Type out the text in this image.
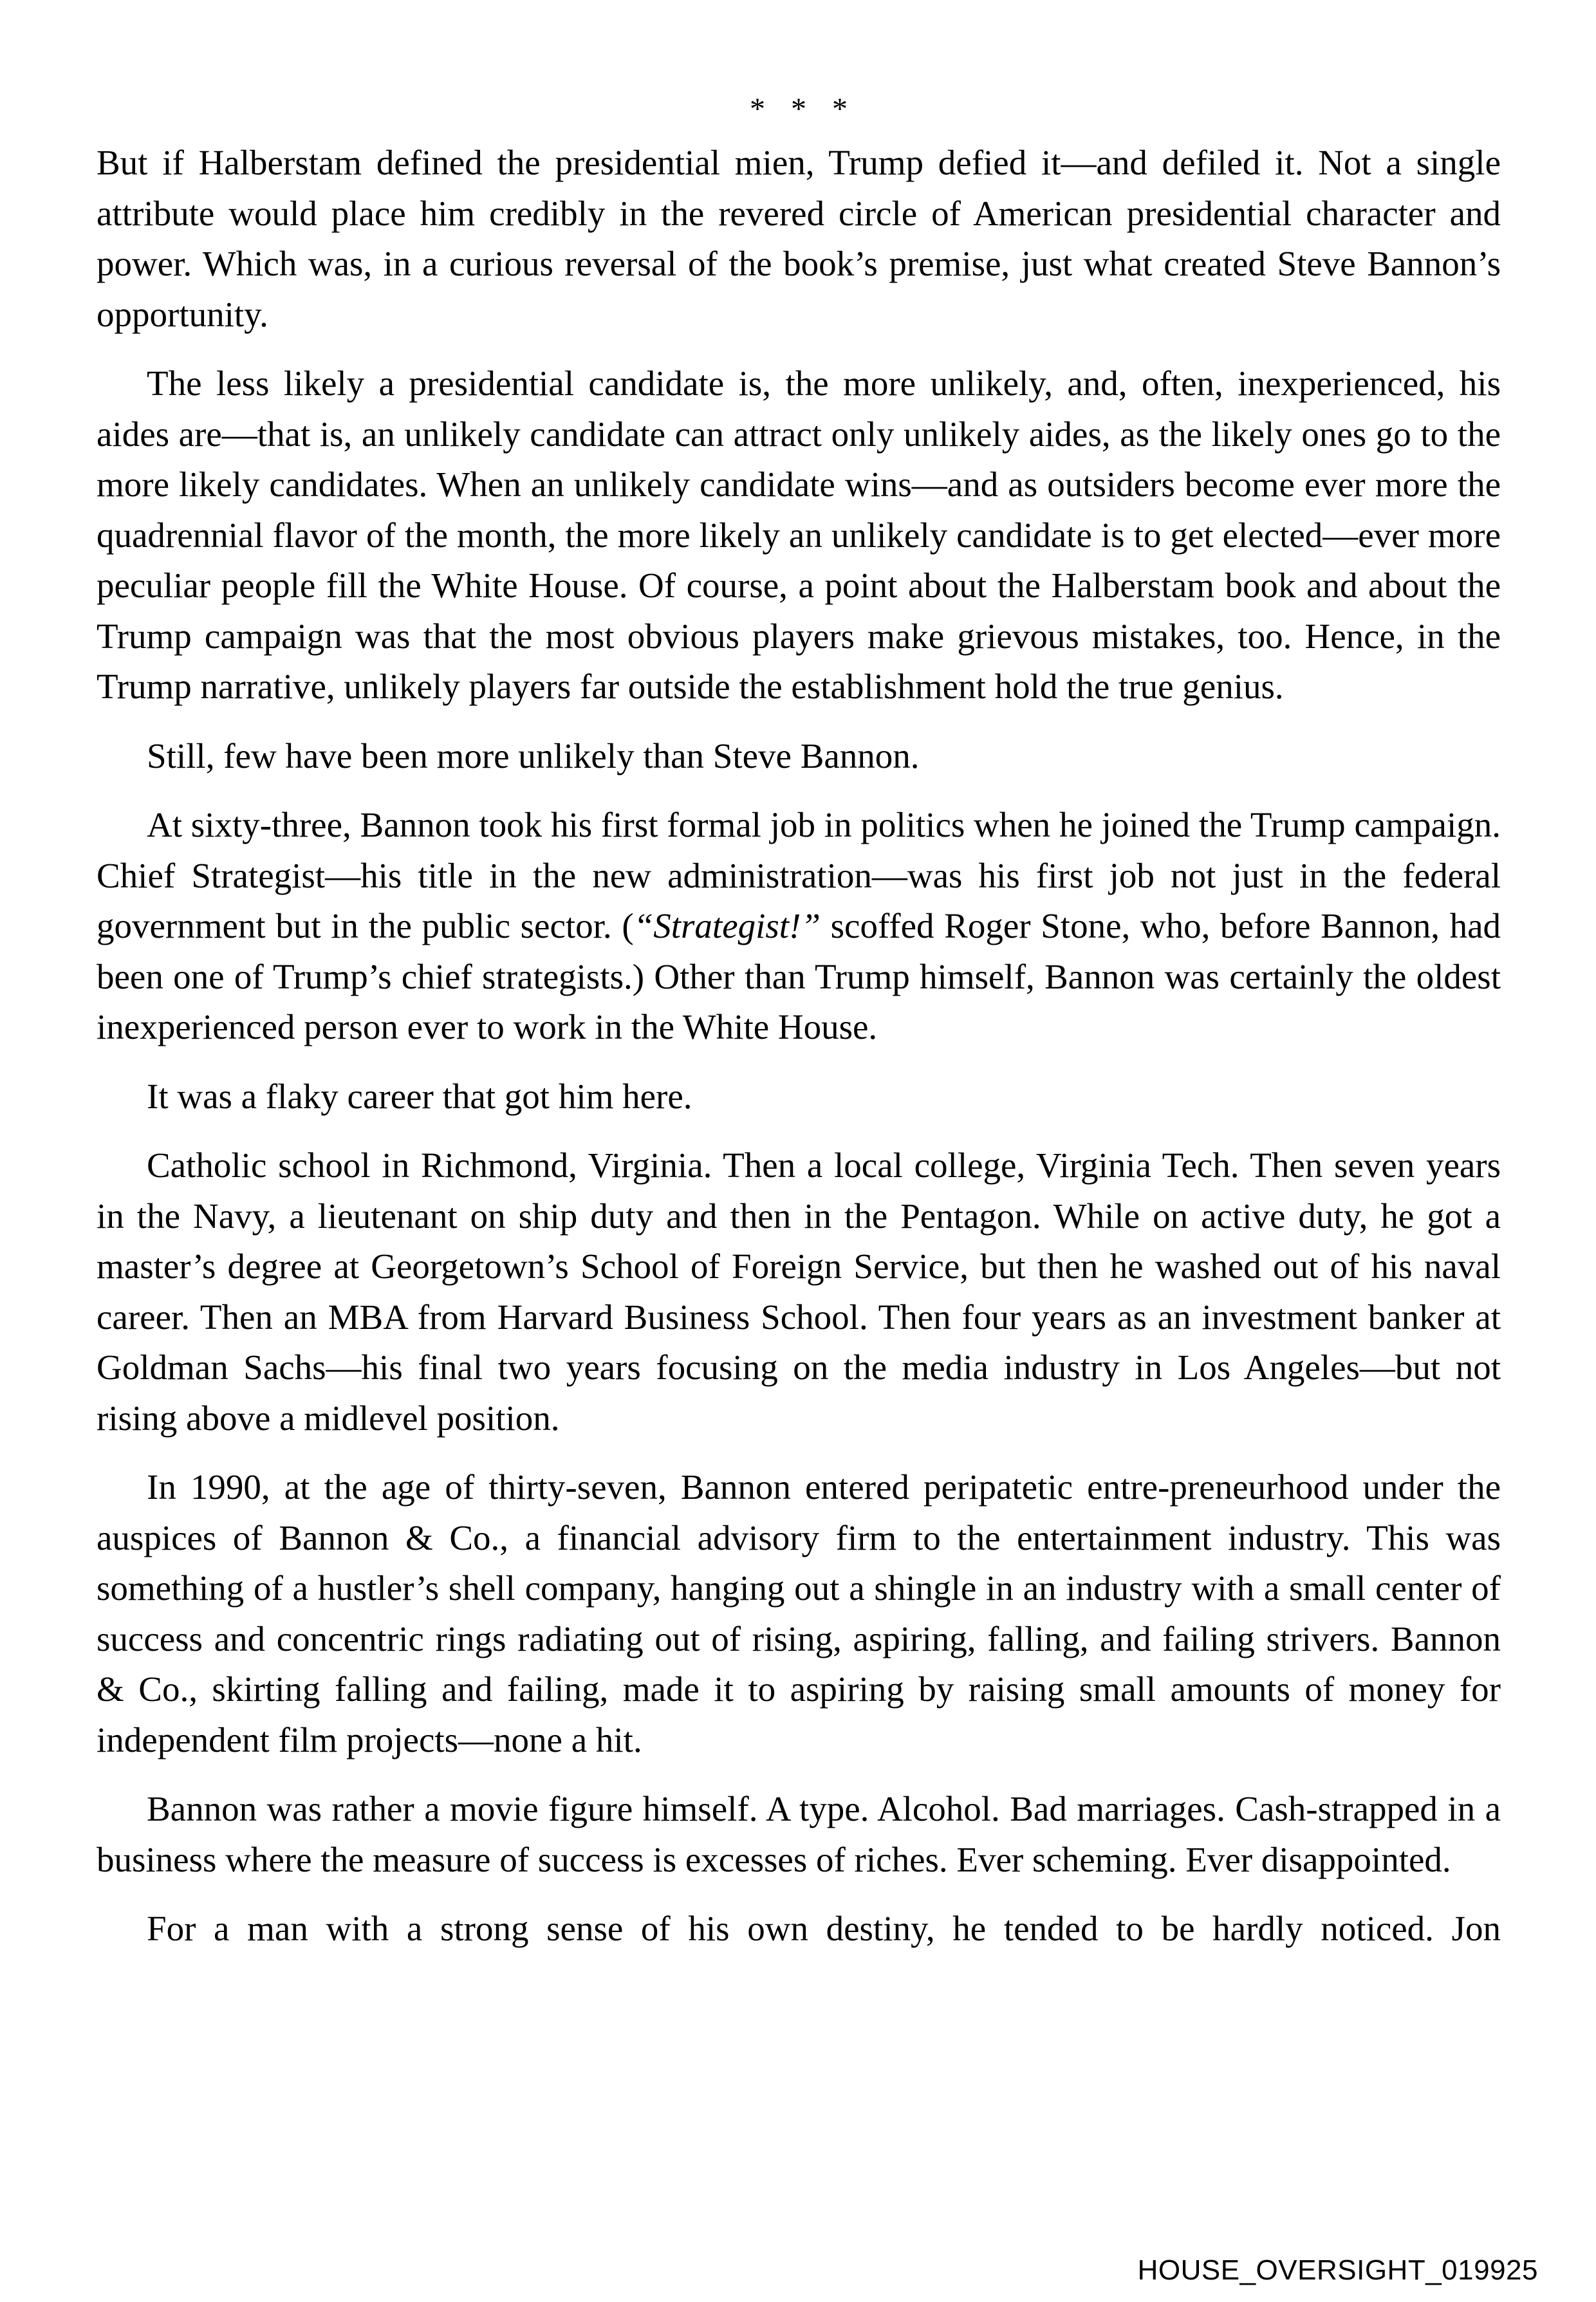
* * *

But if Halberstam defined the presidential mien, Trump defied it—and defiled it. Not a single attribute would place him credibly in the revered circle of American presidential character and power. Which was, in a curious reversal of the book’s premise, just what created Steve Bannon’s opportunity.

The less likely a presidential candidate is, the more unlikely, and, often, inexperienced, his aides are—that is, an unlikely candidate can attract only unlikely aides, as the likely ones go to the more likely candidates. When an unlikely candidate wins—and as outsiders become ever more the quadrennial flavor of the month, the more likely an unlikely candidate is to get elected—ever more peculiar people fill the White House. Of course, a point about the Halberstam book and about the Trump campaign was that the most obvious players make grievous mistakes, too. Hence, in the Trump narrative, unlikely players far outside the establishment hold the true genius.

Still, few have been more unlikely than Steve Bannon.

At sixty-three, Bannon took his first formal job in politics when he joined the Trump campaign. Chief Strategist—his title in the new administration—was his first job not just in the federal government but in the public sector. (“Strategist!” scoffed Roger Stone, who, before Bannon, had been one of Trump’s chief strategists.) Other than Trump himself, Bannon was certainly the oldest inexperienced person ever to work in the White House.

It was a flaky career that got him here.

Catholic school in Richmond, Virginia. Then a local college, Virginia Tech. Then seven years in the Navy, a lieutenant on ship duty and then in the Pentagon. While on active duty, he got a master’s degree at Georgetown’s School of Foreign Service, but then he washed out of his naval career. Then an MBA from Harvard Business School. Then four years as an investment banker at Goldman Sachs—his final two years focusing on the media industry in Los Angeles—but not rising above a midlevel position.

In 1990, at the age of thirty-seven, Bannon entered peripatetic entre-preneurhood under the auspices of Bannon & Co., a financial advisory firm to the entertainment industry. This was something of a hustler’s shell company, hanging out a shingle in an industry with a small center of success and concentric rings radiating out of rising, aspiring, falling, and failing strivers. Bannon & Co., skirting falling and failing, made it to aspiring by raising small amounts of money for independent film projects—none a hit.

Bannon was rather a movie figure himself. A type. Alcohol. Bad marriages. Cash-strapped in a business where the measure of success is excesses of riches. Ever scheming. Ever disappointed.

For a man with a strong sense of his own destiny, he tended to be hardly noticed. Jon

HOUSE_OVERSIGHT_019925
